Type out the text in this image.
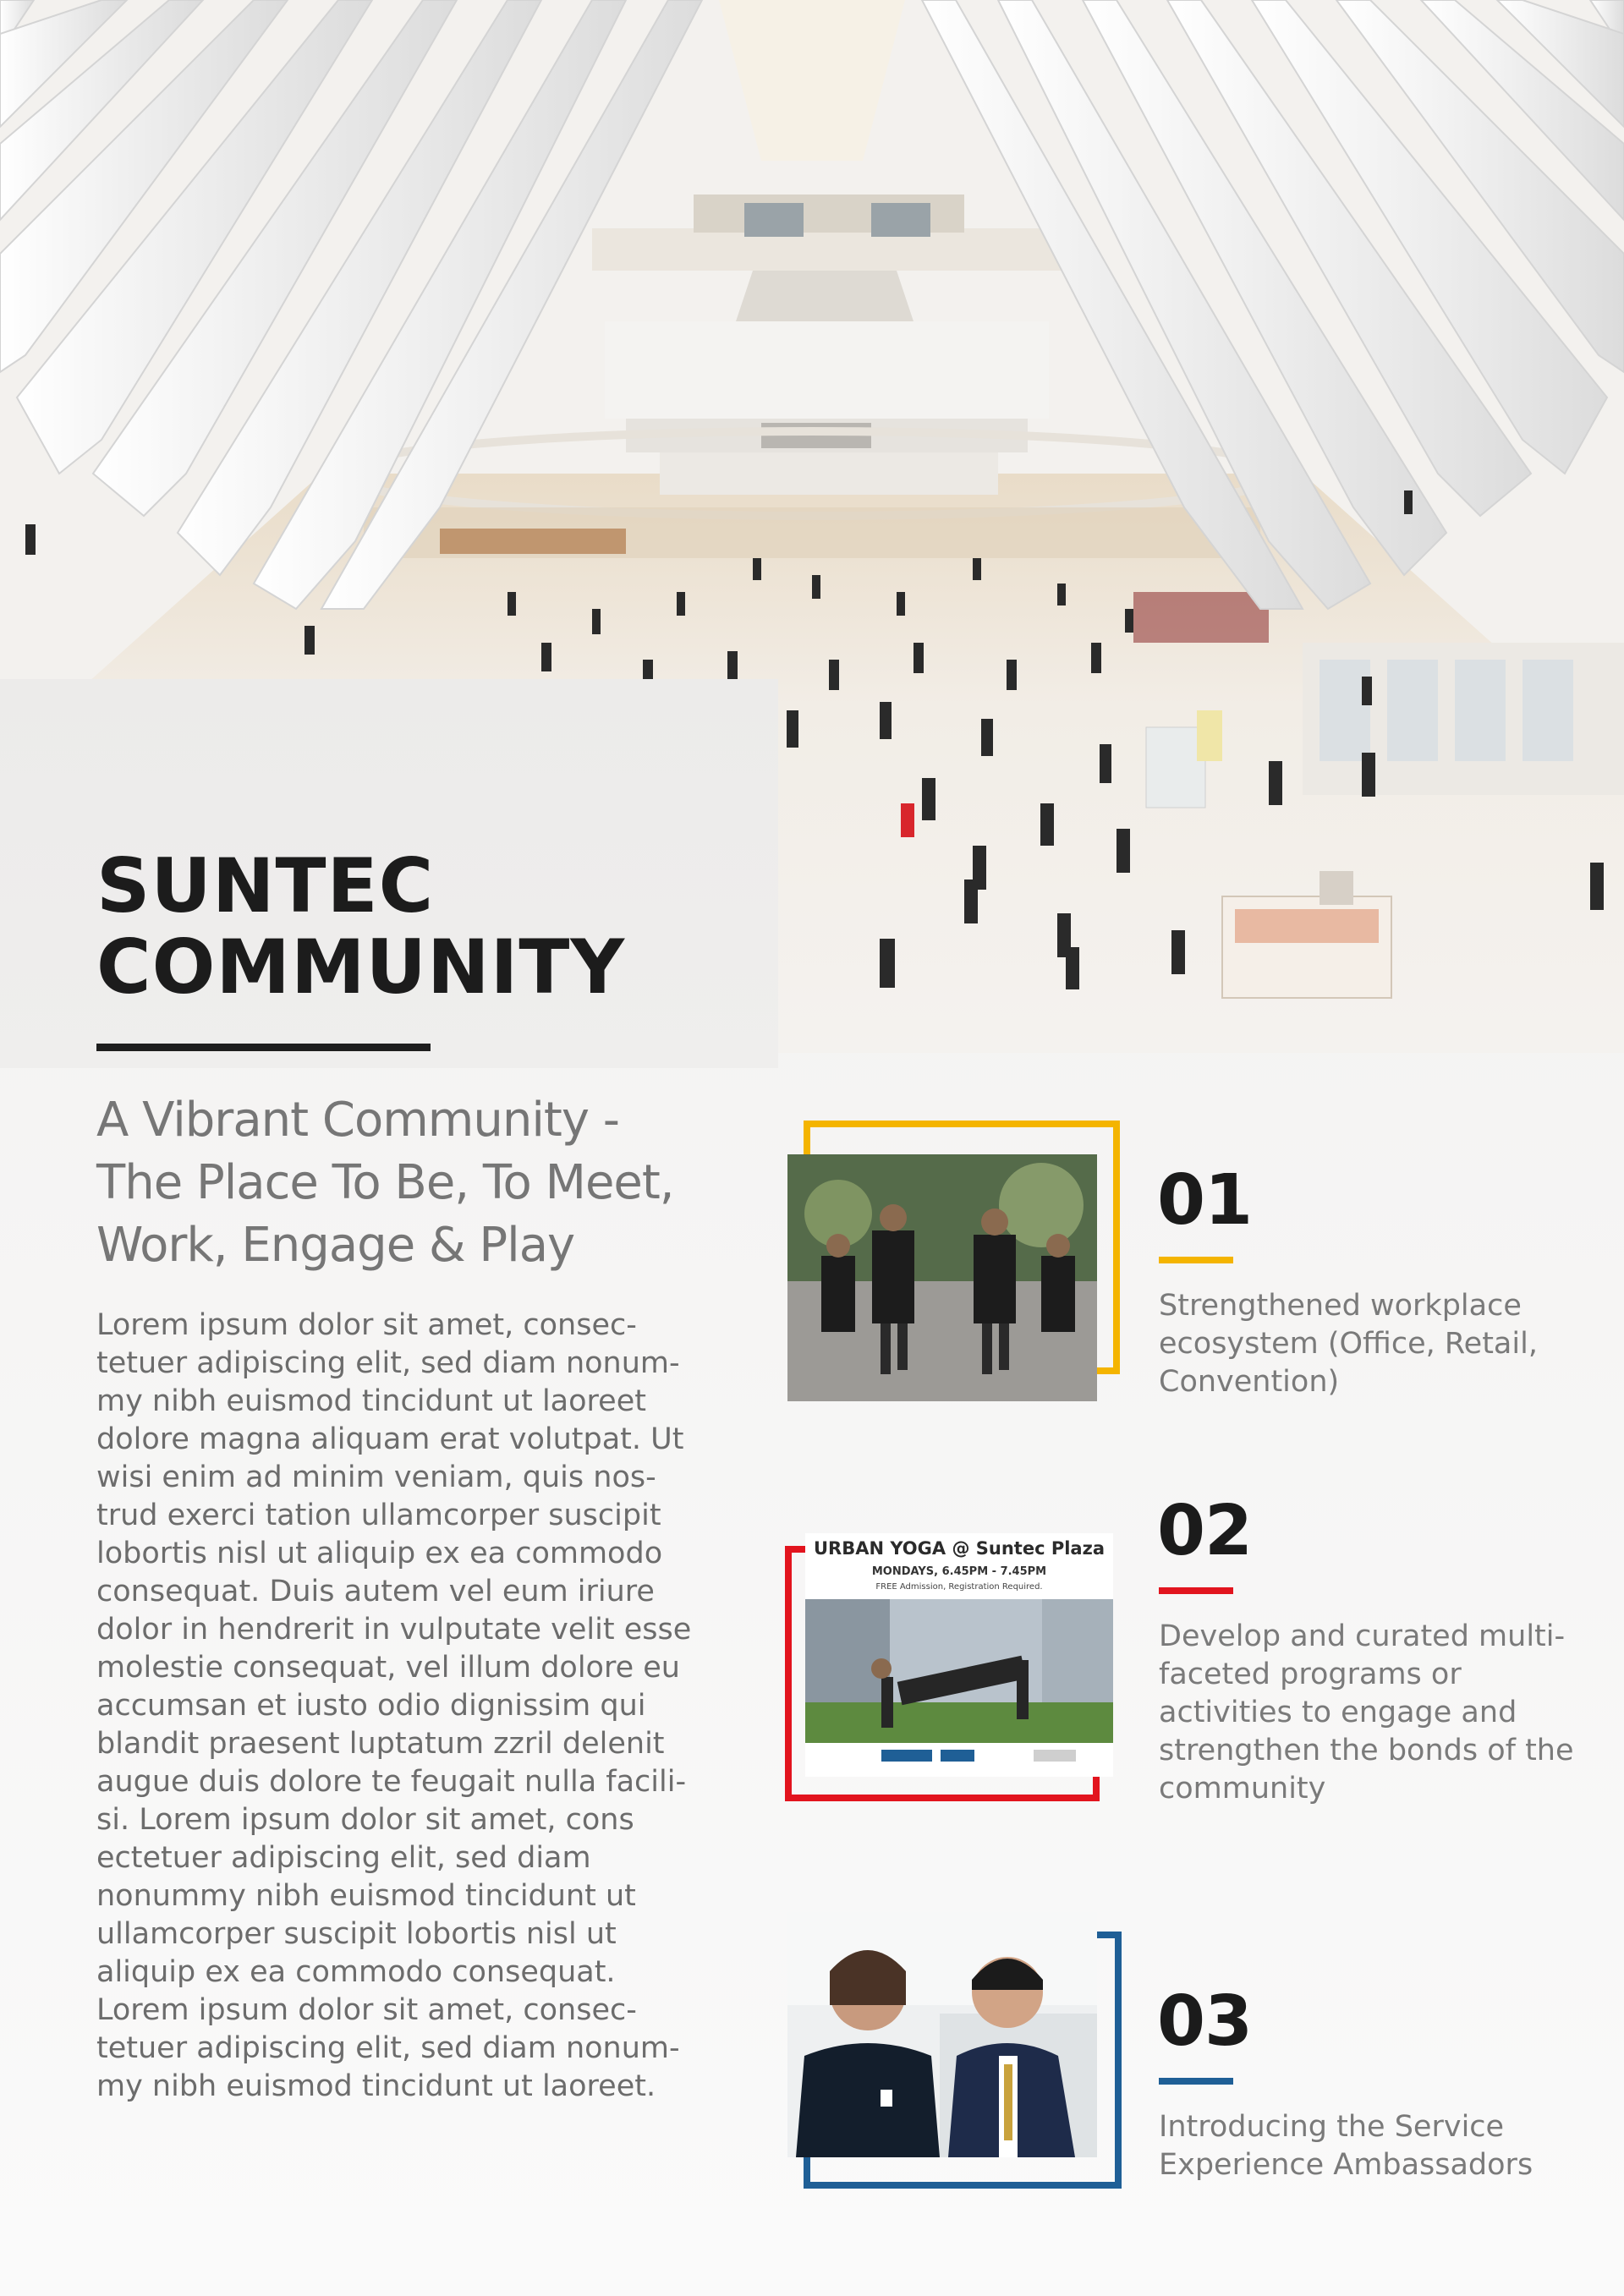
SUNTEC COMMUNITY
A Vibrant Community - The Place To Be, To Meet, Work, Engage & Play

Lorem ipsum dolor sit amet, consec-tetuer adipiscing elit, sed diam nonum-my nibh euismod tincidunt ut laoreet dolore magna aliquam erat volutpat. Ut wisi enim ad minim veniam, quis nos-trud exerci tation ullamcorper suscipit lobortis nisl ut aliquip ex ea commodo consequat. Duis autem vel eum iriure dolor in hendrerit in vulputate velit esse molestie consequat, vel illum dolore eu accumsan et iusto odio dignissim qui blandit praesent luptatum zzril delenit augue duis dolore te feugait nulla facili-si. Lorem ipsum dolor sit amet, cons ectetuer adipiscing elit, sed diam nonummy nibh euismod tincidunt ut ullamcorper suscipit lobortis nisl ut aliquip ex ea commodo consequat. Lorem ipsum dolor sit amet, consec-tetuer adipiscing elit, sed diam nonum-my nibh euismod tincidunt ut laoreet.

01

Strengthened workplace ecosystem (Office, Retail, Convention)

URBAN YOGA @ Suntec Plaza
MONDAYS, 6.45PM - 7.45PM
FREE Admission, Registration Required.
02

Develop and curated multi-faceted programs or activities to engage and strengthen the bonds of the community

03

Introducing the Service Experience Ambassadors
